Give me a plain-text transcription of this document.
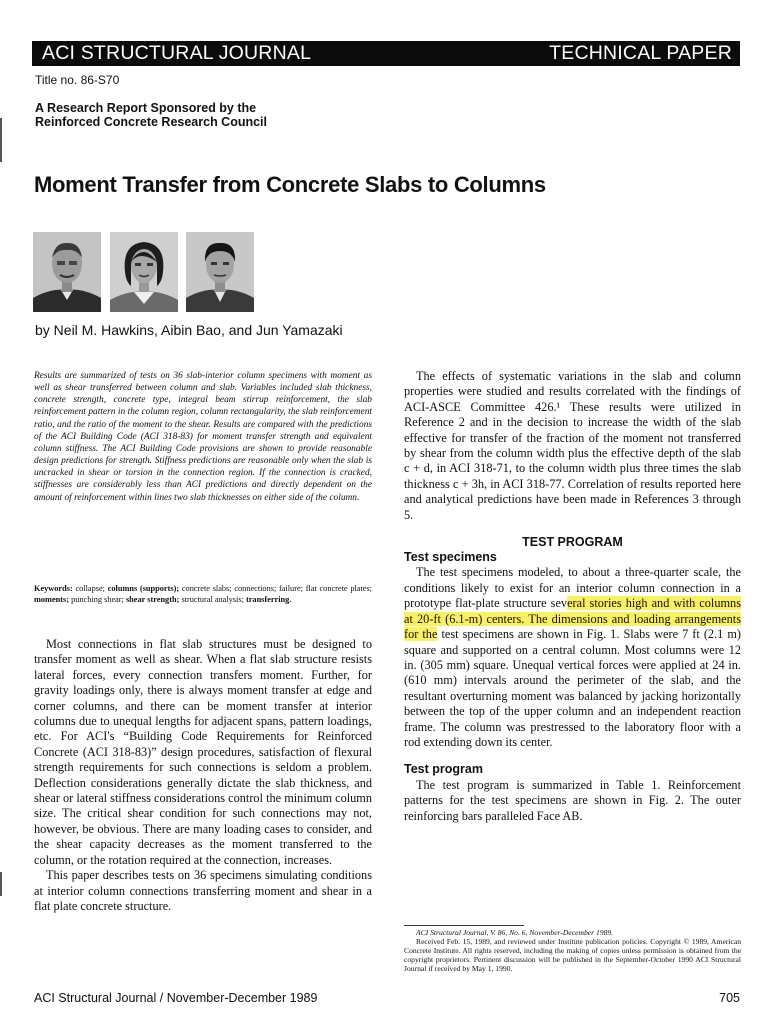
ACI STRUCTURAL JOURNAL	TECHNICAL PAPER
Title no. 86-S70
A Research Report Sponsored by the
Reinforced Concrete Research Council
Moment Transfer from Concrete Slabs to Columns
by Neil M. Hawkins, Aibin Bao, and Jun Yamazaki
Results are summarized of tests on 36 slab-interior column specimens with moment as well as shear transferred between column and slab. Variables included slab thickness, concrete strength, concrete type, integral beam stirrup reinforcement, the slab reinforcement pattern in the column region, column rectangularity, the slab reinforcement ratio, and the ratio of the moment to the shear. Results are compared with the predictions of the ACI Building Code (ACI 318-83) for moment transfer strength and equivalent column stiffness. The ACI Building Code provisions are shown to provide reasonable design predictions for strength. Stiffness predictions are reasonable only when the slab is uncracked in shear or torsion in the connection region. If the connection is cracked, stiffnesses are considerably less than ACI predictions and directly dependent on the amount of reinforcement within lines two slab thicknesses on either side of the column.
Keywords: collapse; columns (supports); concrete slabs; connections; failure; flat concrete plates; moments; punching shear; shear strength; structural analysis; transferring.

Most connections in flat slab structures must be designed to transfer moment as well as shear. When a flat slab structure resists lateral forces, every connection transfers moment. Further, for gravity loadings only, there is always moment transfer at edge and corner columns, and there can be moment transfer at interior columns due to unequal lengths for adjacent spans, pattern loadings, etc. For ACI's “Building Code Requirements for Reinforced Concrete (ACI 318-83)” design procedures, satisfaction of flexural strength requirements for such connections is seldom a problem. Deflection considerations generally dictate the slab thickness, and shear or lateral stiffness considerations control the minimum column size. The critical shear condition for such connections may not, however, be obvious. There are many loading cases to consider, and the shear capacity decreases as the moment transferred to the column, or the rotation required at the connection, increases.

This paper describes tests on 36 specimens simulating conditions at interior column connections transferring moment and shear in a flat plate concrete structure.

The effects of systematic variations in the slab and column properties were studied and results correlated with the findings of ACI-ASCE Committee 426.¹ These results were utilized in Reference 2 and in the decision to increase the width of the slab effective for transfer of the fraction of the moment not transferred by shear from the column width plus the effective depth of the slab c + d, in ACI 318-71, to the column width plus three times the slab thickness c + 3h, in ACI 318-77. Correlation of results reported here and analytical predictions have been made in References 3 through 5.

TEST PROGRAM
Test specimens

The test specimens modeled, to about a three-quarter scale, the conditions likely to exist for an interior column connection in a prototype flat-plate structure several stories high and with columns at 20-ft (6.1-m) centers. The dimensions and loading arrangements for the test specimens are shown in Fig. 1. Slabs were 7 ft (2.1 m) square and supported on a central column. Most columns were 12 in. (305 mm) square. Unequal vertical forces were applied at 24 in. (610 mm) intervals around the perimeter of the slab, and the resultant overturning moment was balanced by jacking horizontally between the top of the upper column and an independent reaction frame. The column was prestressed to the laboratory floor with a rod extending down its center.

Test program

The test program is summarized in Table 1. Reinforcement patterns for the test specimens are shown in Fig. 2. The outer reinforcing bars paralleled Face AB.

ACI Structural Journal, V. 86, No. 6, November-December 1989.

Received Feb. 15, 1989, and reviewed under Institute publication policies. Copyright © 1989, American Concrete Institute. All rights reserved, including the making of copies unless permission is obtained from the copyright proprietors. Pertinent discussion will be published in the September-October 1990 ACI Structural Journal if received by May 1, 1990.

ACI Structural Journal / November-December 1989	705
